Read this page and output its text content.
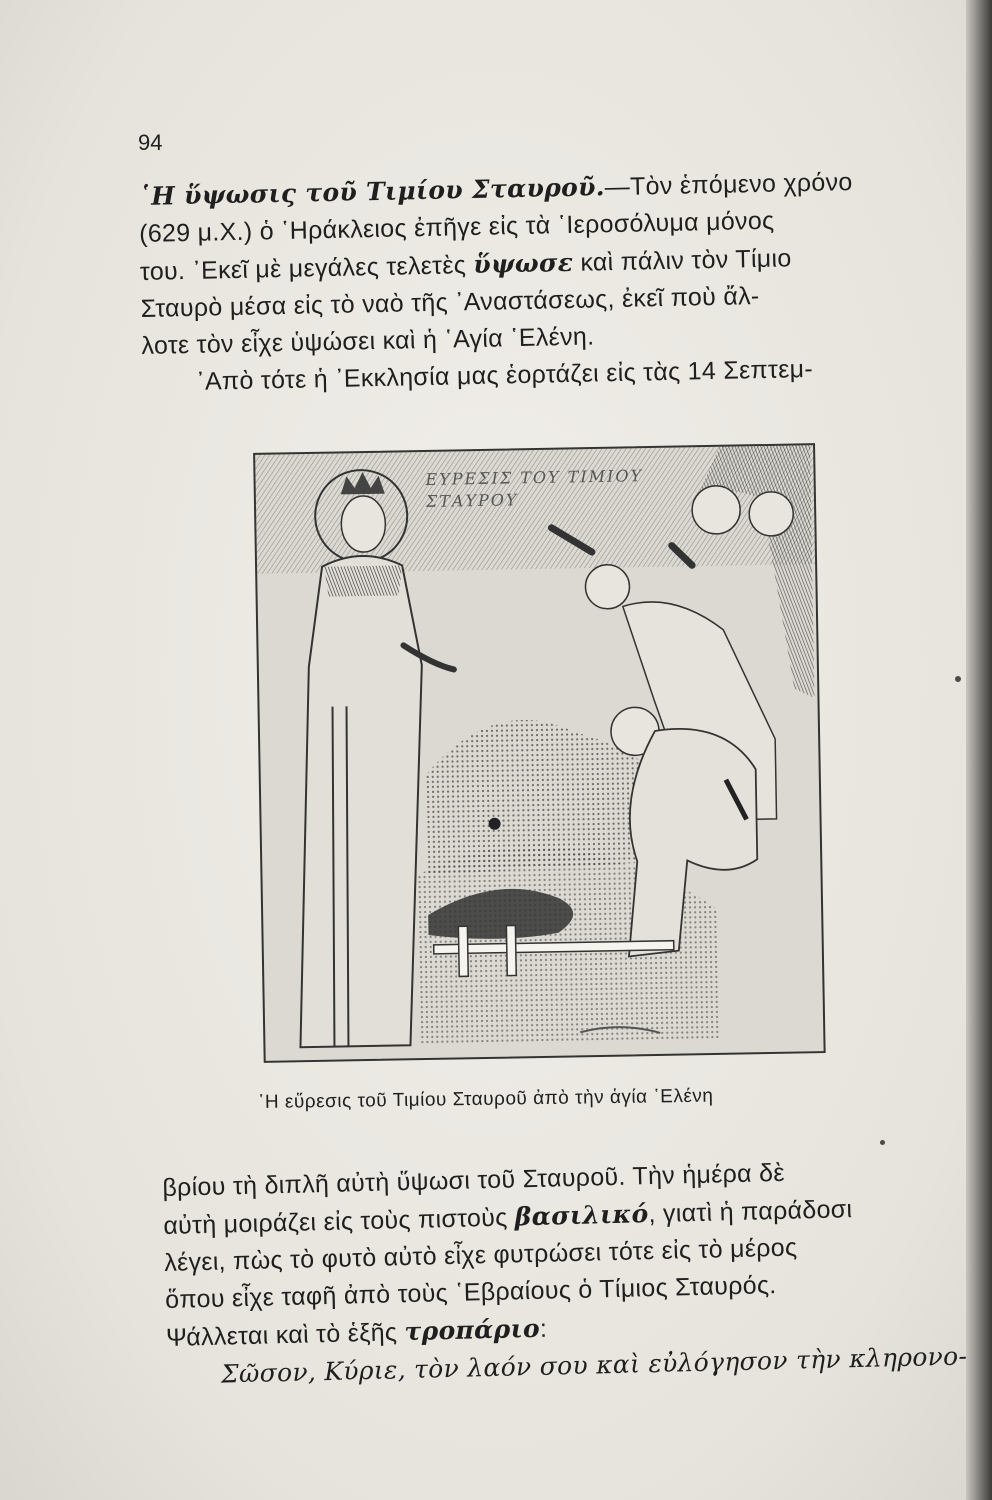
94
῾Η ὕψωσις τοῦ Τιμίου Σταυροῦ.—Τὸν ἑπόμενο χρόνο
(629 μ.Χ.) ὁ ῾Ηράκλειος ἐπῆγε εἰς τὰ ῾Ιεροσόλυμα μόνος
του. ᾿Εκεῖ μὲ μεγάλες τελετὲς ὕψωσε καὶ πάλιν τὸν Τίμιο
Σταυρὸ μέσα εἰς τὸ ναὸ τῆς ᾿Αναστάσεως, ἐκεῖ ποὺ ἄλ-
λοτε τὸν εἶχε ὑψώσει καὶ ἡ ῾Αγία ῾Ελένη.
᾿Απὸ τότε ἡ ᾿Εκκλησία μας ἑορτάζει εἰς τὰς 14 Σεπτεμ-
ΕΥΡΕΣΙΣ ΤΟΥ ΤΙΜΙΟΥ
ΣΤΑΥΡΟΥ
῾Η εὕρεσις τοῦ Τιμίου Σταυροῦ ἀπὸ τὴν ἁγία ῾Ελένη
βρίου τὴ διπλῆ αὐτὴ ὕψωσι τοῦ Σταυροῦ. Τὴν ἡμέρα δὲ
αὐτὴ μοιράζει εἰς τοὺς πιστοὺς βασιλικό, γιατὶ ἡ παράδοσι
λέγει, πὼς τὸ φυτὸ αὐτὸ εἶχε φυτρώσει τότε εἰς τὸ μέρος
ὅπου εἶχε ταφῆ ἀπὸ τοὺς ῾Εβραίους ὁ Τίμιος Σταυρός.
Ψάλλεται καὶ τὸ ἑξῆς τροπάριο:
Σῶσον, Κύριε, τὸν λαόν σου καὶ εὐλόγησον τὴν κληρονο-
